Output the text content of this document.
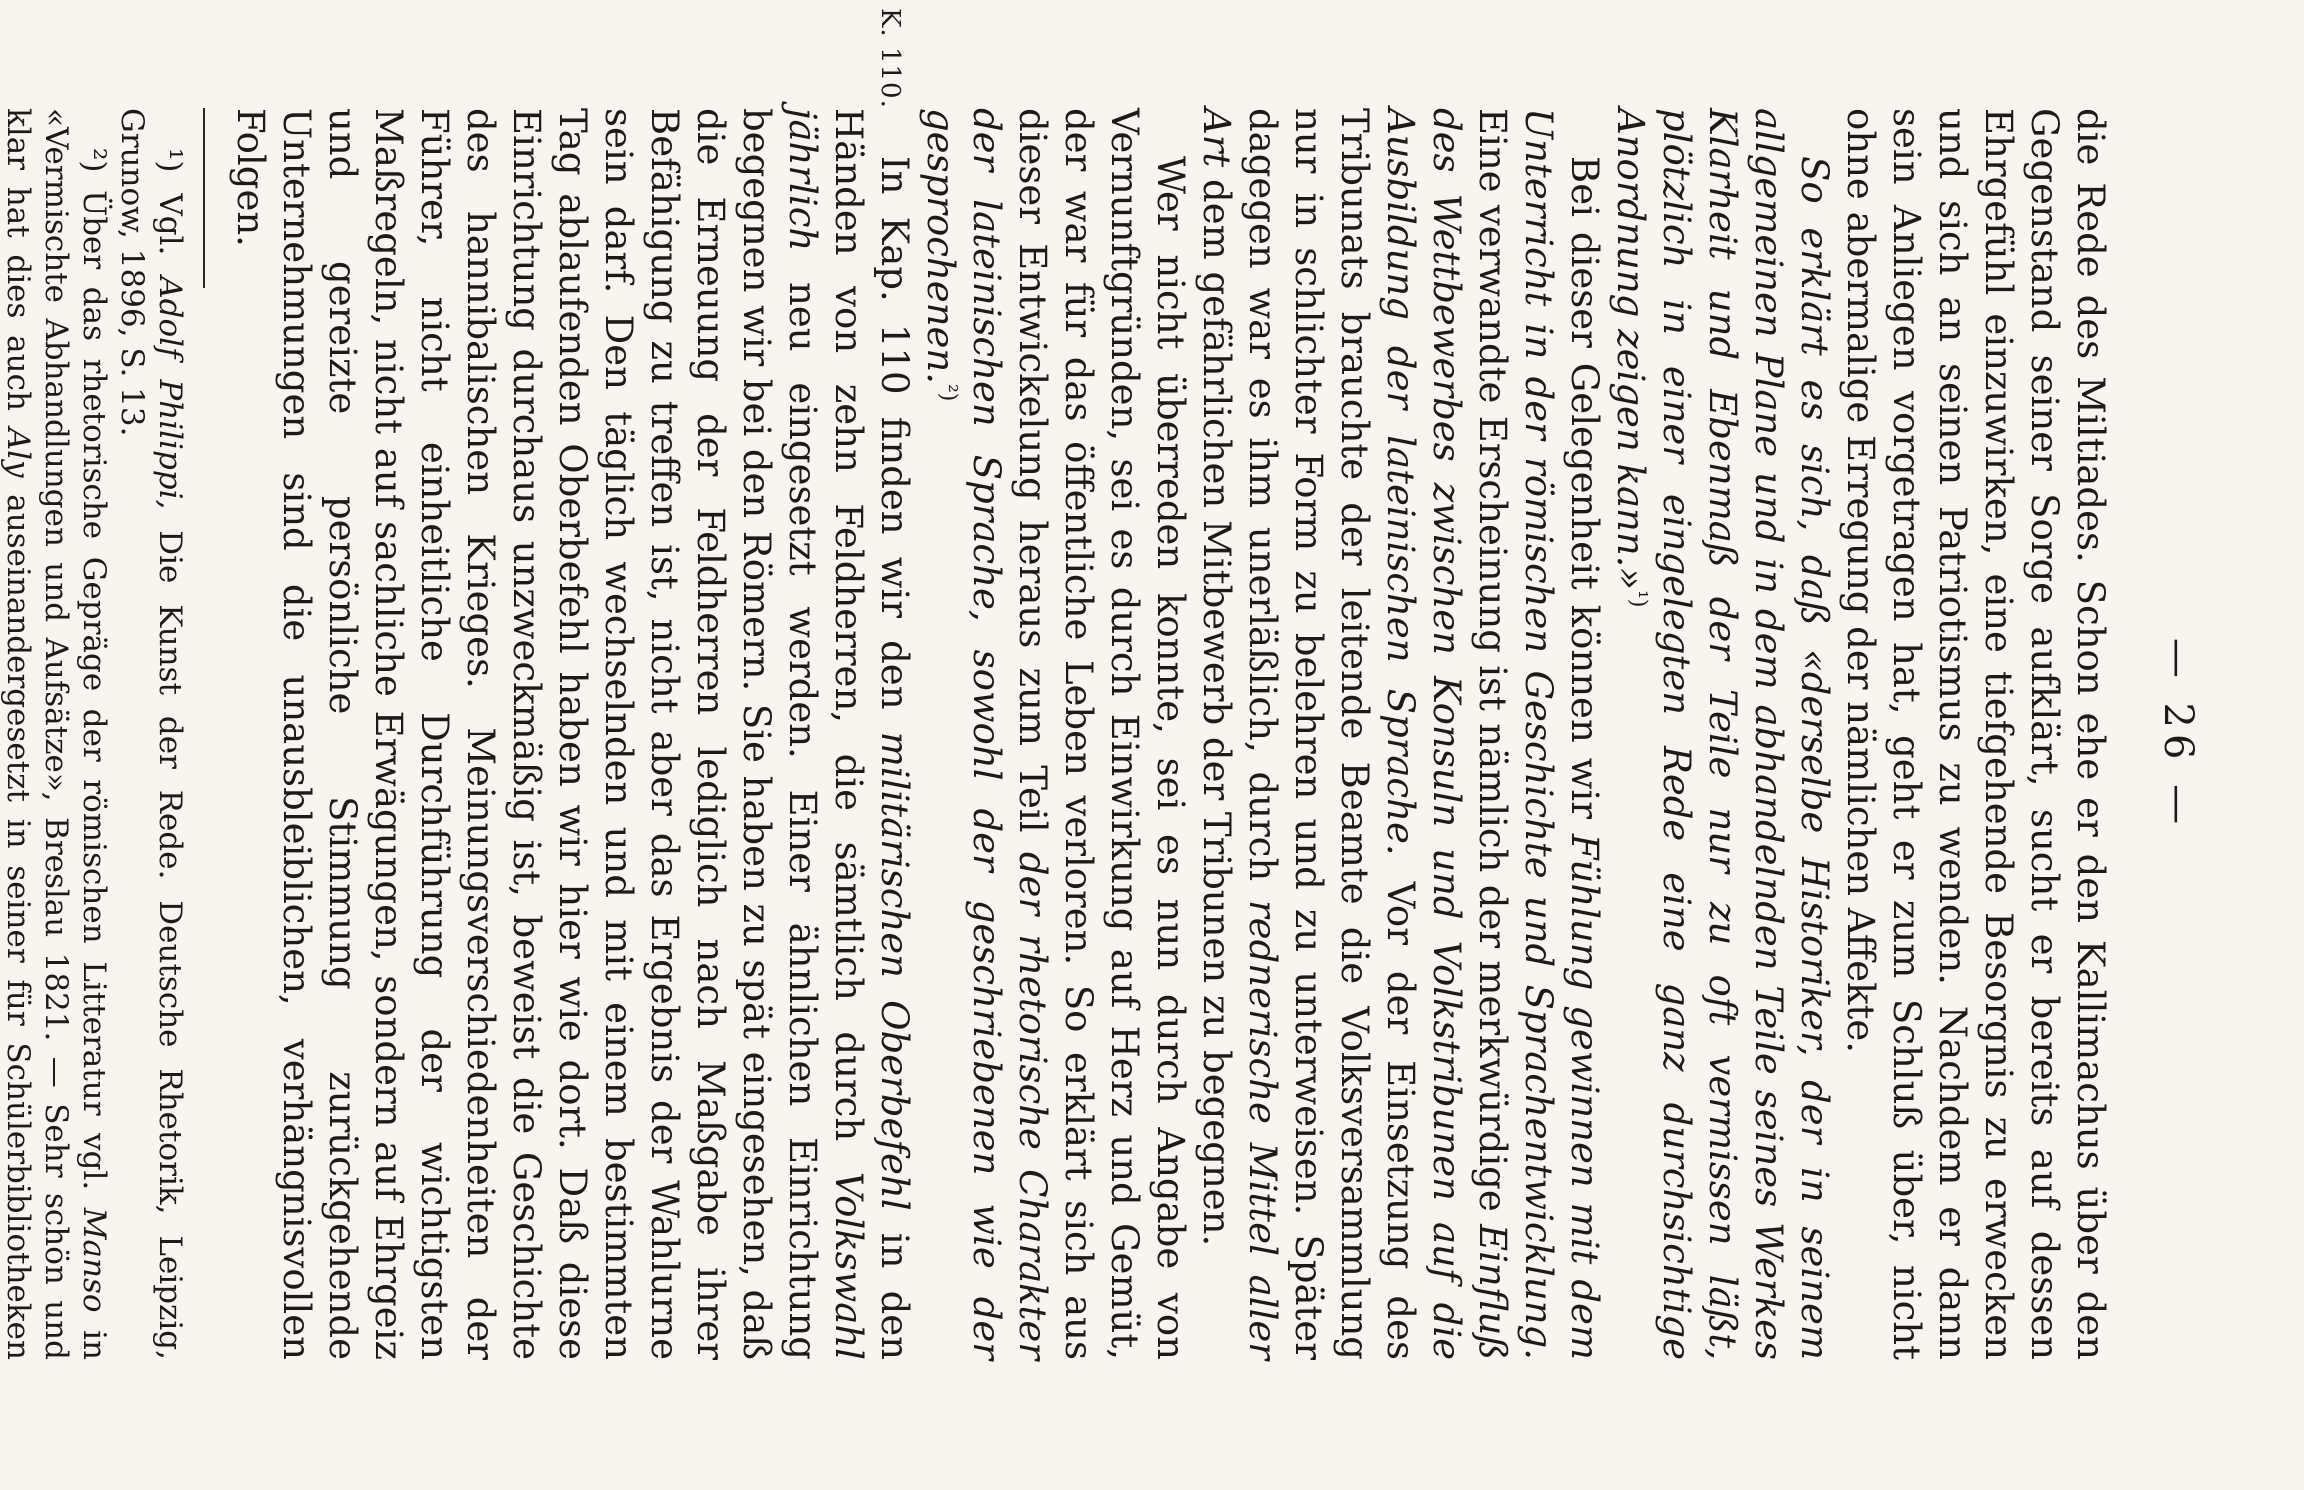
— 26 —

die Rede des Miltiades. Schon ehe er den Kallimachus über den Gegenstand seiner Sorge aufklärt, sucht er bereits auf dessen Ehrgefühl einzuwirken, eine tiefgehende Besorgnis zu erwecken und sich an seinen Patriotismus zu wenden. Nachdem er dann sein Anliegen vorgetragen hat, geht er zum Schluß über, nicht ohne abermalige Erregung der nämlichen Affekte.

So erklärt es sich, daß «derselbe Historiker, der in seinem allgemeinen Plane und in dem abhandelnden Teile seines Werkes Klarheit und Ebenmaß der Teile nur zu oft vermissen läßt, plötzlich in einer eingelegten Rede eine ganz durchsichtige Anordnung zeigen kann.»$^{^1)}$

Bei dieser Gelegenheit können wir Fühlung gewinnen mit dem Unterricht in der römischen Geschichte und Sprachentwicklung. Eine verwandte Erscheinung ist nämlich der merkwürdige Einfluß des Wettbewerbes zwischen Konsuln und Volkstribunen auf die Ausbildung der lateinischen Sprache. Vor der Einsetzung des Tribunats brauchte der leitende Beamte die Volksversammlung nur in schlichter Form zu belehren und zu unterweisen. Später dagegen war es ihm unerläßlich, durch rednerische Mittel aller Art dem gefährlichen Mitbewerb der Tribunen zu begegnen.

Wer nicht überreden konnte, sei es nun durch Angabe von Vernunftgründen, sei es durch Einwirkung auf Herz und Gemüt, der war für das öffentliche Leben verloren. So erklärt sich aus dieser Entwickelung heraus zum Teil der rhetorische Charakter der lateinischen Sprache, sowohl der geschriebenen wie der gesprochenen.$^{^2)}$

K. 110.

In Kap. 110 finden wir den militärischen Oberbefehl in den Händen von zehn Feldherren, die sämtlich durch Volkswahl jährlich neu eingesetzt werden. Einer ähnlichen Einrichtung begegnen wir bei den Römern. Sie haben zu spät eingesehen, daß die Erneuung der Feldherren lediglich nach Maßgabe ihrer Befähigung zu treffen ist, nicht aber das Ergebnis der Wahlurne sein darf. Den täglich wechselnden und mit einem bestimmten Tag ablaufenden Oberbefehl haben wir hier wie dort. Daß diese Einrichtung durchaus unzweckmäßig ist, beweist die Geschichte des hannibalischen Krieges. Meinungsverschiedenheiten der Führer, nicht einheitliche Durchführung der wichtigsten Maßregeln, nicht auf sachliche Erwägungen, sondern auf Ehrgeiz und gereizte persönliche Stimmung zurückgehende Unternehmungen sind die unausbleiblichen, verhängnisvollen Folgen.

¹) Vgl. Adolf Philippi, Die Kunst der Rede. Deutsche Rhetorik, Leipzig, Grunow, 1896, S. 13.

²) Über das rhetorische Gepräge der römischen Litteratur vgl. Manso in «Vermischte Abhandlungen und Aufsätze», Breslau 1821. — Sehr schön und klar hat dies auch Aly auseinandergesetzt in seiner für Schülerbibliotheken
